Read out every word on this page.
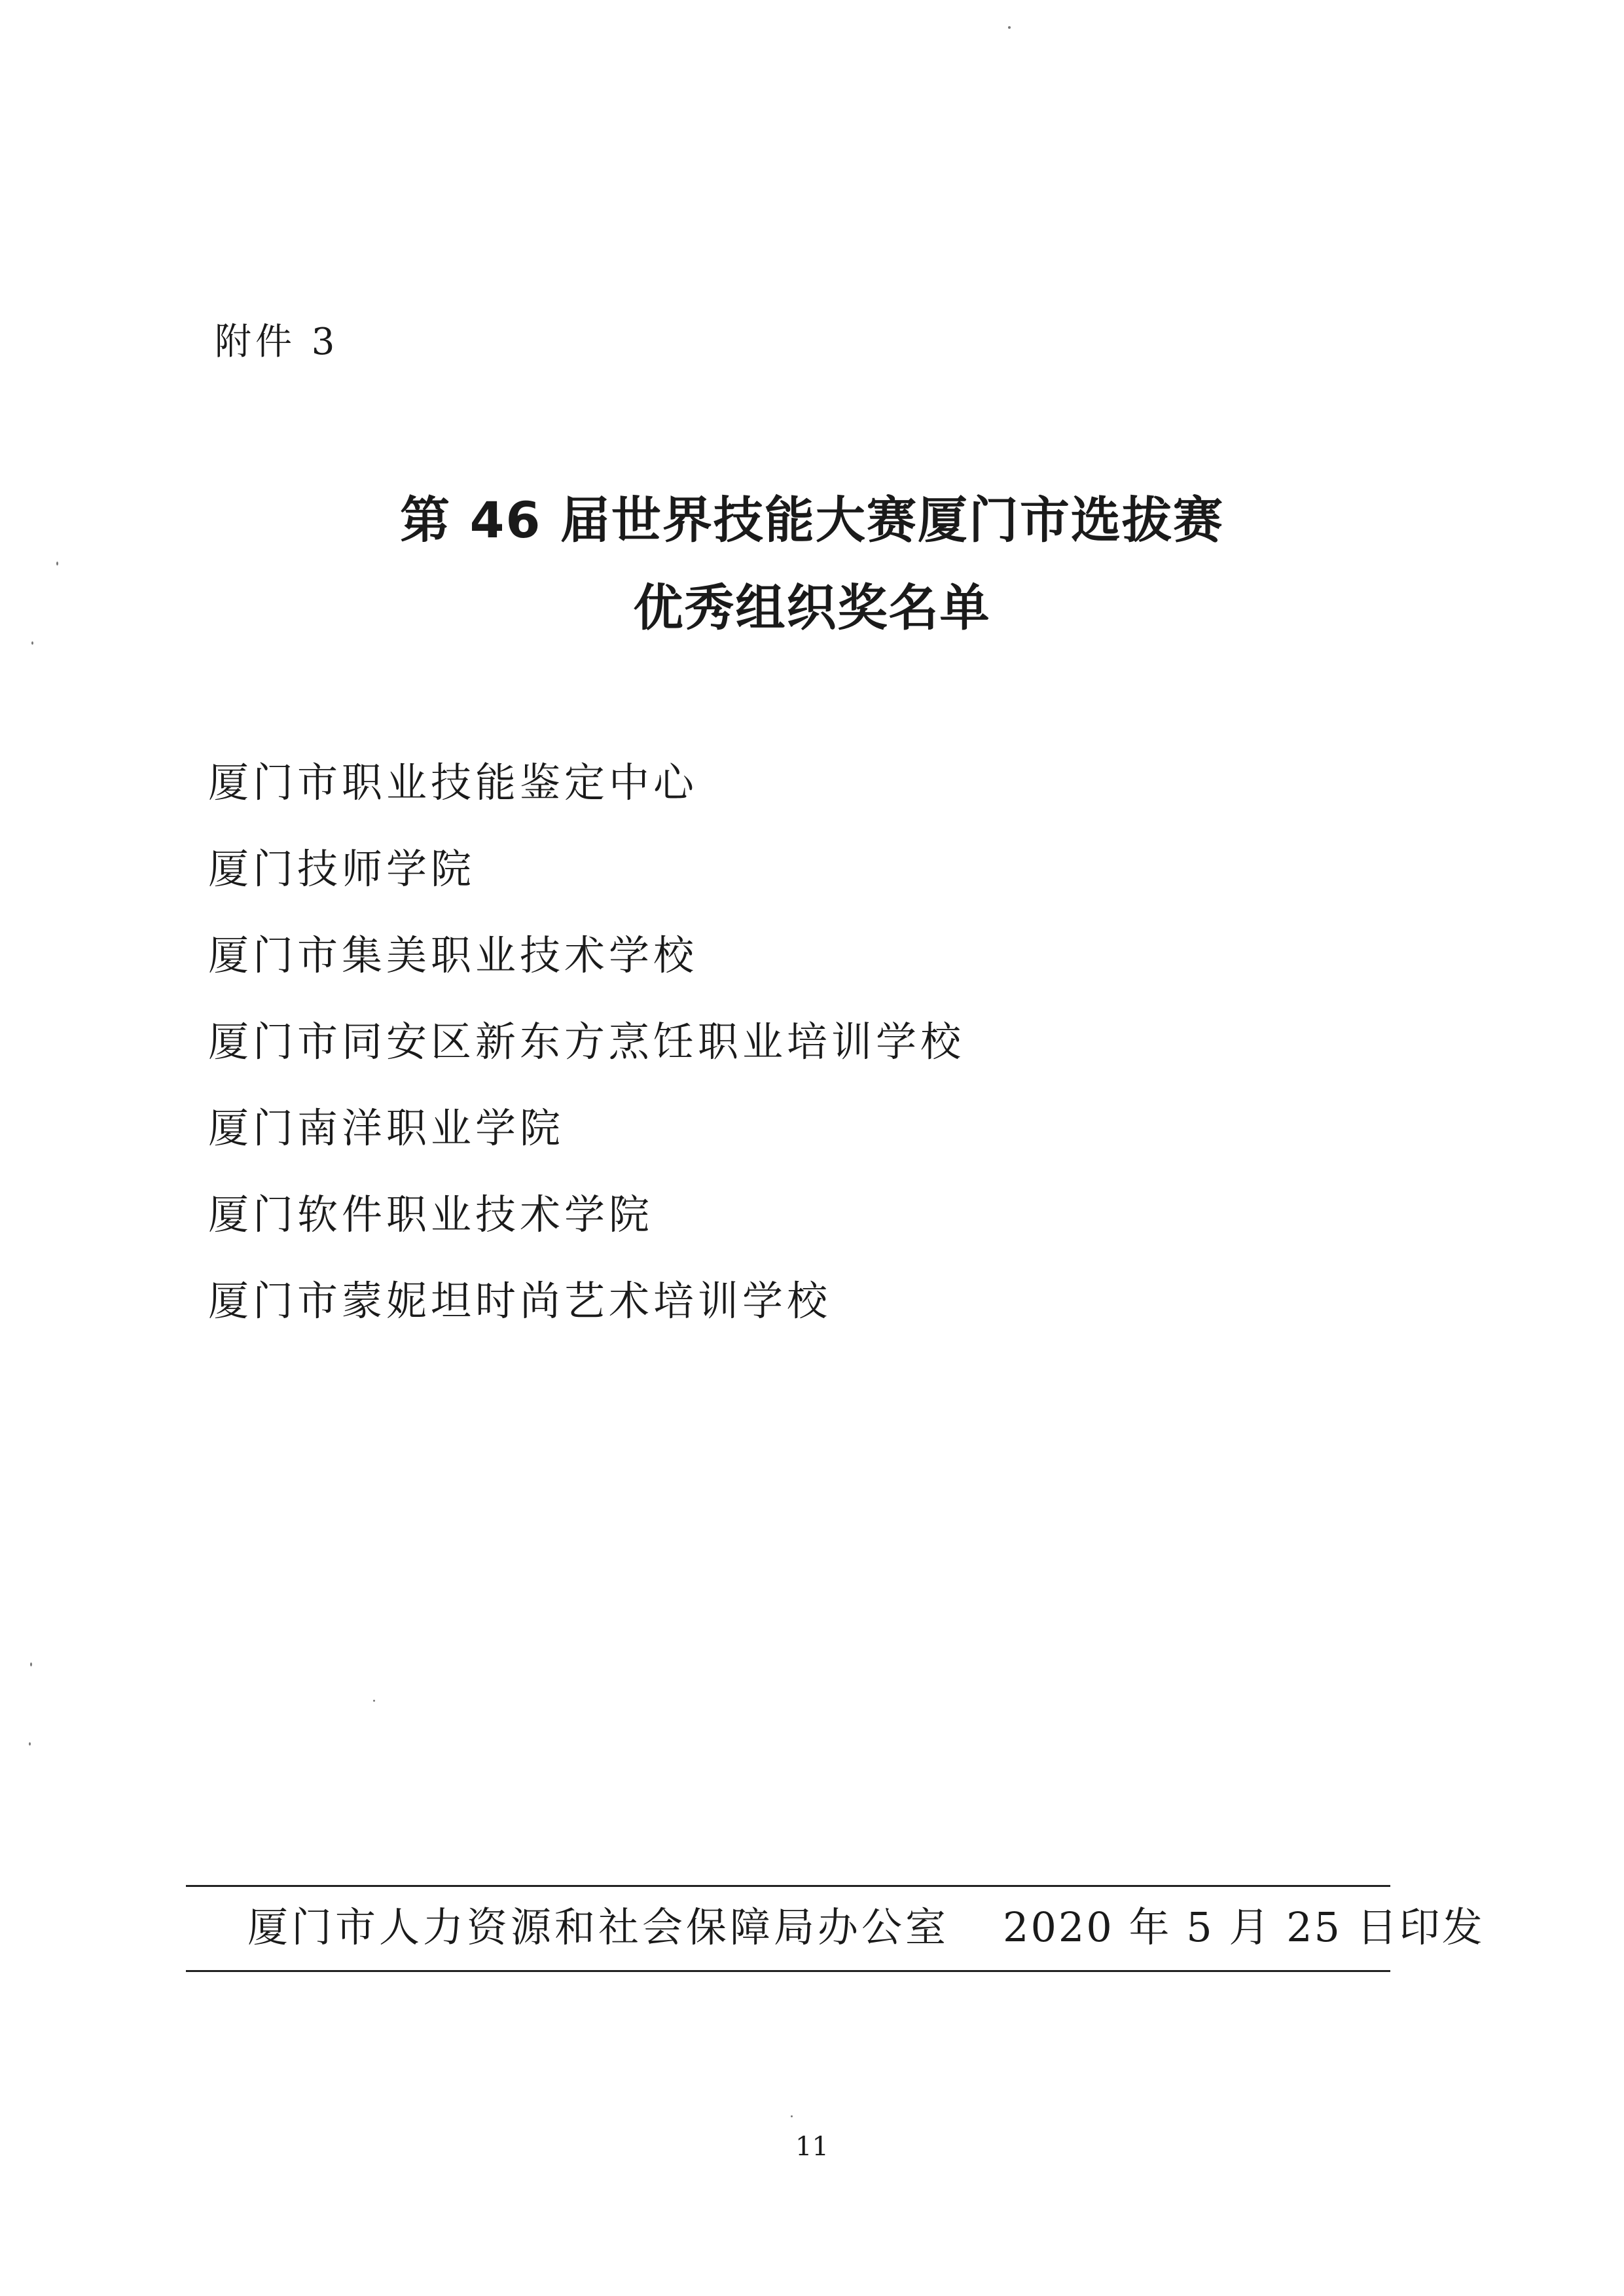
附件 3
第 46 届世界技能大赛厦门市选拔赛
优秀组织奖名单
厦门市职业技能鉴定中心
厦门技师学院
厦门市集美职业技术学校
厦门市同安区新东方烹饪职业培训学校
厦门南洋职业学院
厦门软件职业技术学院
厦门市蒙妮坦时尚艺术培训学校
厦门市人力资源和社会保障局办公室 2020 年 5 月 25 日印发
11
